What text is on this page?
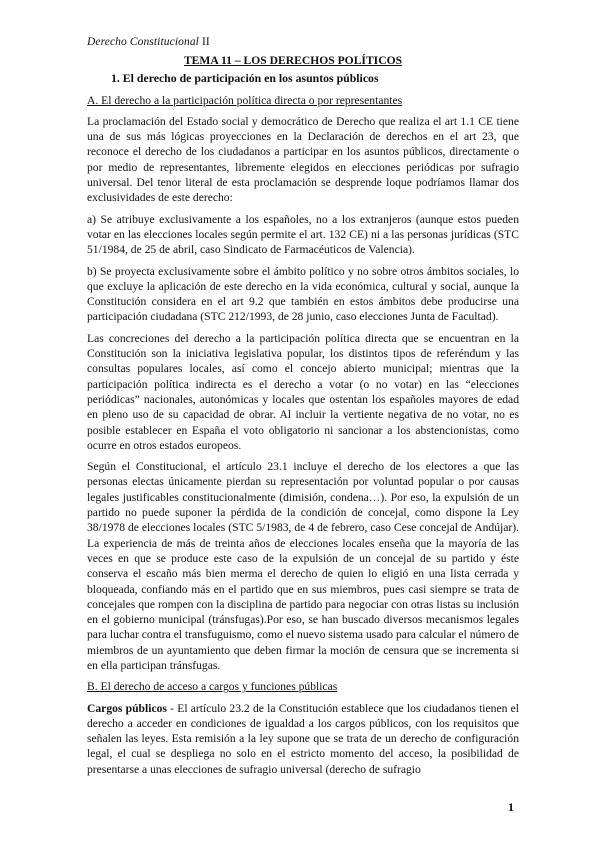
Derecho Constitucional II
TEMA 11 – LOS DERECHOS POLÍTICOS
1. El derecho de participación en los asuntos públicos
A. El derecho a la participación política directa o por representantes

La proclamación del Estado social y democrático de Derecho que realiza el art 1.1 CE tiene una de sus más lógicas proyecciones en la Declaración de derechos en el art 23, que reconoce el derecho de los ciudadanos a participar en los asuntos públicos, directamente o por medio de representantes, libremente elegidos en elecciones periódicas por sufragio universal. Del tenor literal de esta proclamación se desprende loque podríamos llamar dos exclusividades de este derecho:

a) Se atribuye exclusivamente a los españoles, no a los extranjeros (aunque estos pueden votar en las elecciones locales según permite el art. 132 CE) ni a las personas jurídicas (STC 51/1984, de 25 de abril, caso Sindicato de Farmacéuticos de Valencia).

b) Se proyecta exclusivamente sobre el ámbito político y no sobre otros ámbitos sociales, lo que excluye la aplicación de este derecho en la vida económica, cultural y social, aunque la Constitución considera en el art 9.2 que también en estos ámbitos debe producirse una participación ciudadana (STC 212/1993, de 28 junio, caso elecciones Junta de Facultad).

Las concreciones del derecho a la participación política directa que se encuentran en la Constitución son la iniciativa legislativa popular, los distintos tipos de referéndum y las consultas populares locales, así como el concejo abierto municipal; mientras que la participación política indirecta es el derecho a votar (o no votar) en las “elecciones periódicas” nacionales, autonómicas y locales que ostentan los españoles mayores de edad en pleno uso de su capacidad de obrar. Al incluir la vertiente negativa de no votar, no es posible establecer en España el voto obligatorio ni sancionar a los abstencionistas, como ocurre en otros estados europeos.

Según el Constitucional, el artículo 23.1 incluye el derecho de los electores a que las personas electas únicamente pierdan su representación por voluntad popular o por causas legales justificables constitucionalmente (dimisión, condena…). Por eso, la expulsión de un partido no puede suponer la pérdida de la condición de concejal, como dispone la Ley 38/1978 de elecciones locales (STC 5/1983, de 4 de febrero, caso Cese concejal de Andújar). La experiencia de más de treinta años de elecciones locales enseña que la mayoría de las veces en que se produce este caso de la expulsión de un concejal de su partido y éste conserva el escaño más bien merma el derecho de quien lo eligió en una lista cerrada y bloqueada, confiando más en el partido que en sus miembros, pues casi siempre se trata de concejales que rompen con la disciplina de partido para negociar con otras listas su inclusión en el gobierno municipal (tránsfugas).Por eso, se han buscado diversos mecanismos legales para luchar contra el transfuguismo, como el nuevo sistema usado para calcular el número de miembros de un ayuntamiento que deben firmar la moción de censura que se incrementa si en ella participan tránsfugas.

B. El derecho de acceso a cargos y funciones públicas

Cargos públicos - El artículo 23.2 de la Constitución establece que los ciudadanos tienen el derecho a acceder en condiciones de igualdad a los cargos públicos, con los requisitos que señalen las leyes. Esta remisión a la ley supone que se trata de un derecho de configuración legal, el cual se despliega no solo en el estricto momento del acceso, la posibilidad de presentarse a unas elecciones de sufragio universal (derecho de sufragio

1
